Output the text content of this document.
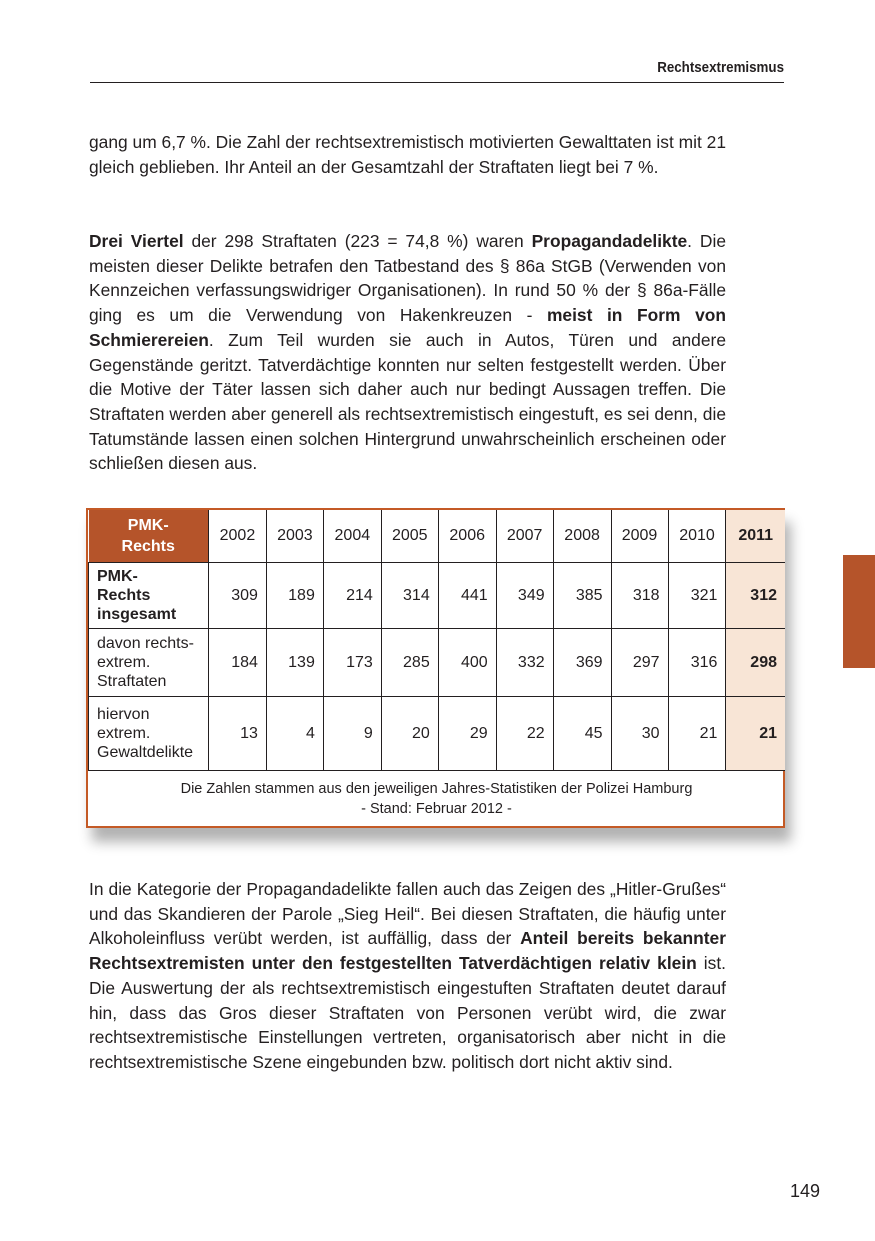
Rechtsextremismus

gang um 6,7 %. Die Zahl der rechtsextremistisch motivierten Gewalttaten ist mit 21 gleich geblieben. Ihr Anteil an der Gesamtzahl der Straftaten liegt bei 7 %.

Drei Viertel der 298 Straftaten (223 = 74,8 %) waren Propagandadelikte. Die meisten dieser Delikte betrafen den Tatbestand des § 86a StGB (Verwenden von Kennzeichen verfassungswidriger Organisationen). In rund 50 % der § 86a-Fälle ging es um die Verwendung von Hakenkreuzen - meist in Form von Schmierereien. Zum Teil wurden sie auch in Autos, Türen und andere Gegenstände geritzt. Tatverdächtige konnten nur selten festgestellt werden. Über die Motive der Täter lassen sich daher auch nur bedingt Aussagen treffen. Die Straftaten werden aber generell als rechtsextremistisch eingestuft, es sei denn, die Tatumstände lassen einen solchen Hintergrund unwahrscheinlich erscheinen oder schließen diesen aus.

PMK-
Rechts	2002	2003	2004	2005	2006	2007	2008	2009	2010	2011

PMK-
Rechts
insgesamt	309	189	214	314	441	349	385	318	321	312

davon rechts-
extrem.
Straftaten	184	139	173	285	400	332	369	297	316	298

hiervon
extrem.
Gewaltdelikte	13	4	9	20	29	22	45	30	21	21
Die Zahlen stammen aus den jeweiligen Jahres-Statistiken der Polizei Hamburg
- Stand: Februar 2012 -

In die Kategorie der Propagandadelikte fallen auch das Zeigen des „Hitler-Grußes“ und das Skandieren der Parole „Sieg Heil“. Bei diesen Straftaten, die häufig unter Alkoholeinfluss verübt werden, ist auffällig, dass der Anteil bereits bekannter Rechtsextremisten unter den festgestellten Tatverdächtigen relativ klein ist. Die Auswertung der als rechtsextremistisch eingestuften Straftaten deutet darauf hin, dass das Gros dieser Straftaten von Personen verübt wird, die zwar rechtsextremistische Einstellungen vertreten, organisatorisch aber nicht in die rechtsextremistische Szene eingebunden bzw. politisch dort nicht aktiv sind.

149
